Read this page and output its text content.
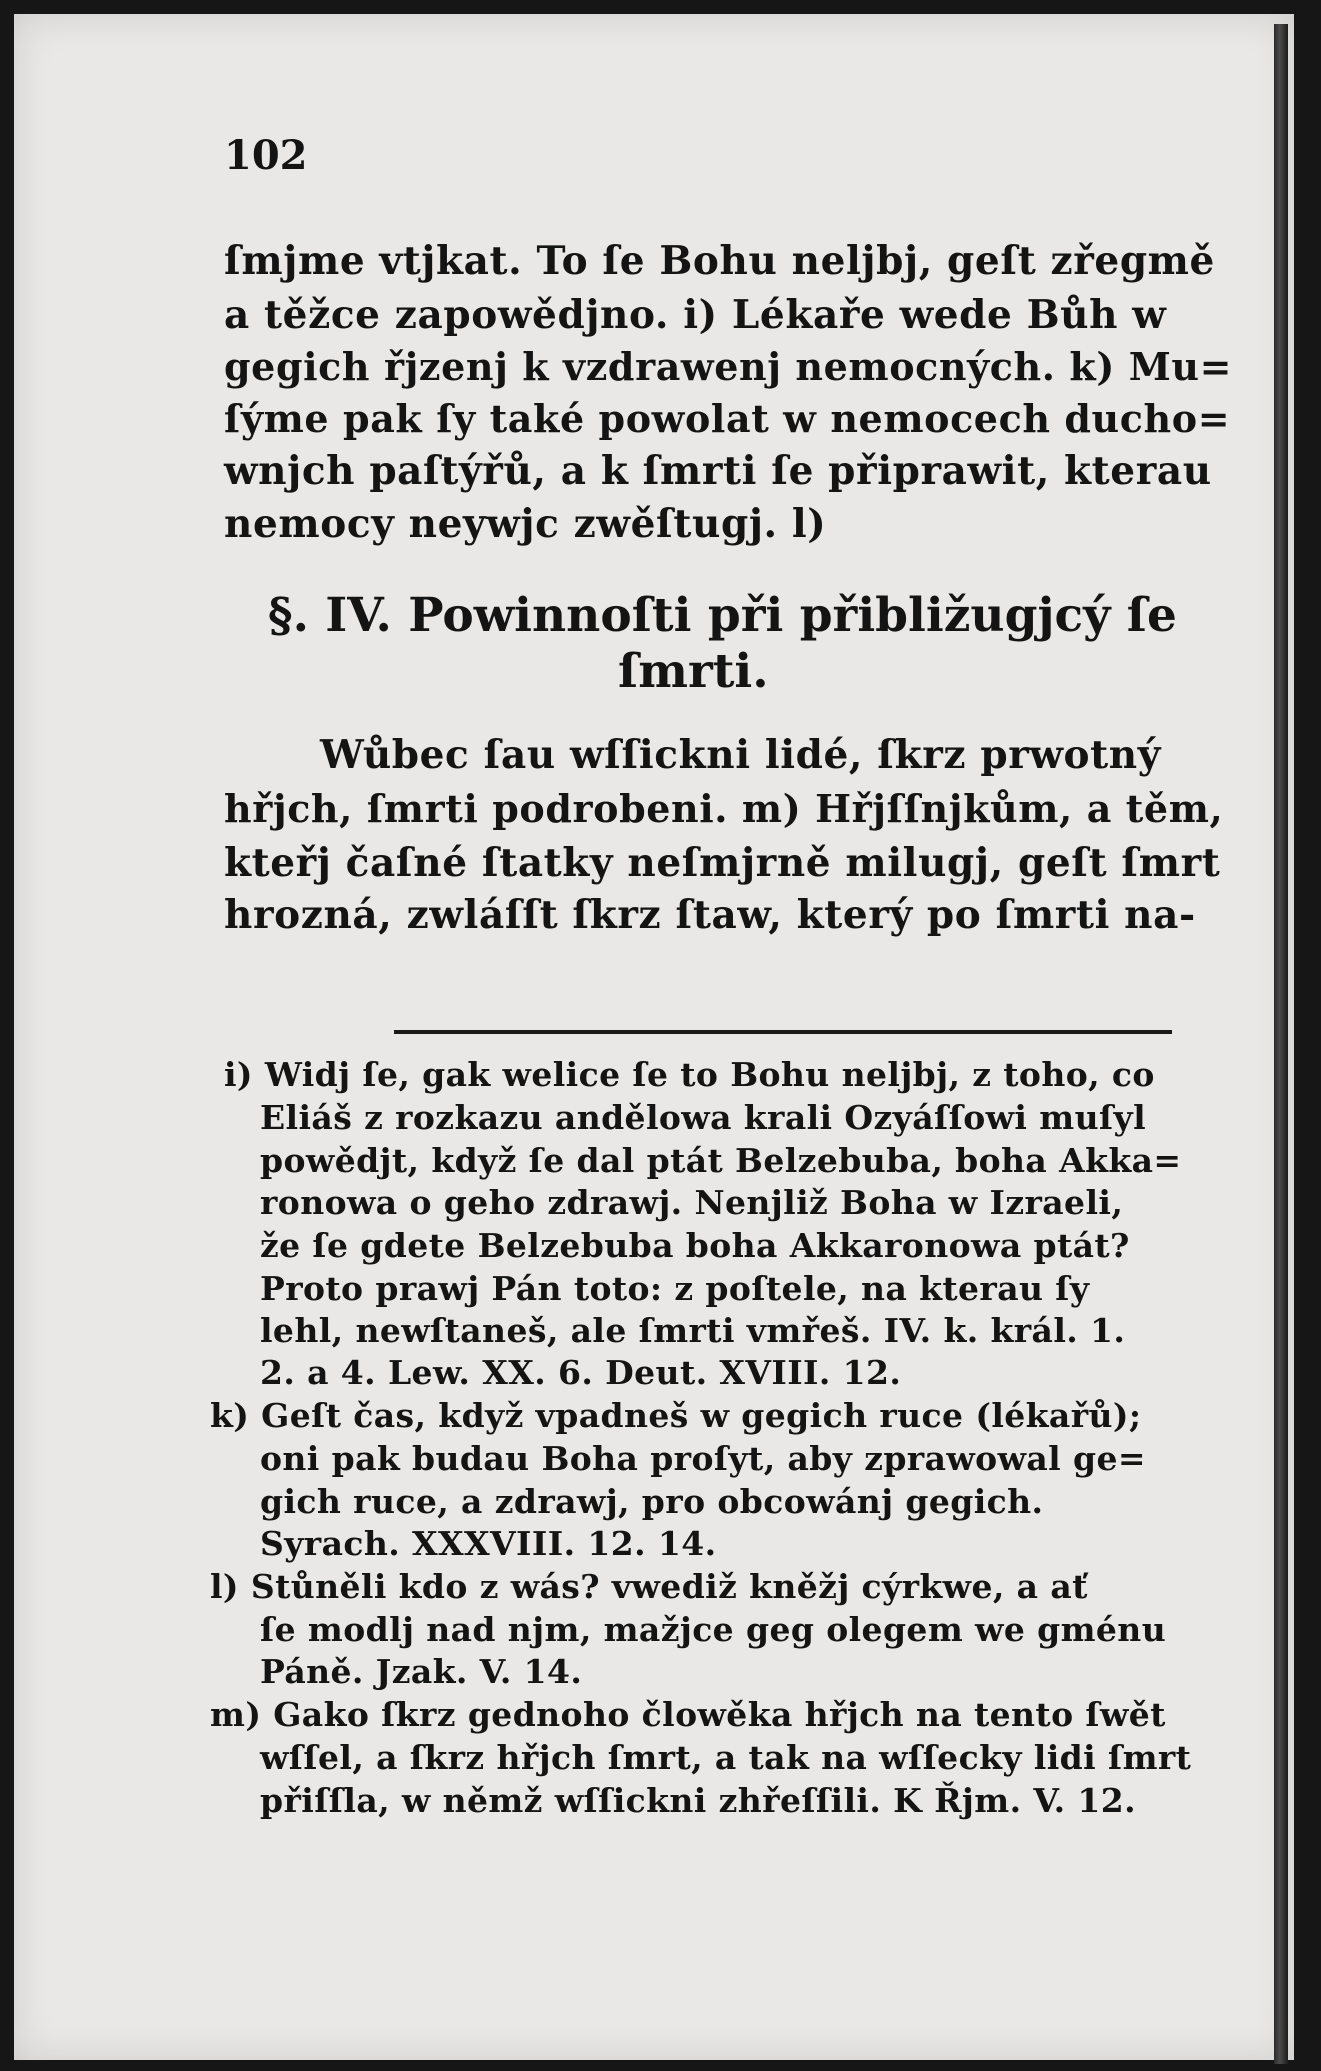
102
ſmjme vtjkat. To ſe Bohu neljbj, geſt zřegmě
a těžce zapowědjno. i) Lékaře wede Bůh w
gegich řjzenj k vzdrawenj nemocných. k) Mu=
ſýme pak ſy také powolat w nemocech ducho=
wnjch paſtýřů, a k ſmrti ſe připrawit, kterau
nemocy neywjc zwěſtugj. l)
§. IV. Powinnoſti při přibližugjcý ſe
ſmrti.
Wůbec ſau wſſickni lidé, ſkrz prwotný
hřjch, ſmrti podrobeni. m) Hřjſſnjkům, a těm,
kteřj čaſné ſtatky neſmjrně milugj, geſt ſmrt
hrozná, zwláſſt ſkrz ſtaw, který po ſmrti na-
i) Widj ſe, gak welice ſe to Bohu neljbj, z toho, co
Eliáš z rozkazu andělowa krali Ozyáſſowi muſyl
powědjt, když ſe dal ptát Belzebuba, boha Akka=
ronowa o geho zdrawj. Nenjliž Boha w Izraeli,
že ſe gdete Belzebuba boha Akkaronowa ptát?
Proto prawj Pán toto: z poſtele, na kterau ſy
lehl, newſtaneš, ale ſmrti vmřeš. IV. k. král. 1.
2. a 4. Lew. XX. 6. Deut. XVIII. 12.
k) Geſt čas, když vpadneš w gegich ruce (lékařů);
oni pak budau Boha proſyt, aby zprawowal ge=
gich ruce, a zdrawj, pro obcowánj gegich.
Syrach. XXXVIII. 12. 14.
l) Stůněli kdo z wás? vwediž kněžj cýrkwe, a ať
ſe modlj nad njm, mažjce geg olegem we gménu
Páně. Jzak. V. 14.
m) Gako ſkrz gednoho člowěka hřjch na tento ſwět
wſſel, a ſkrz hřjch ſmrt, a tak na wſſecky lidi ſmrt
přiſſla, w němž wſſickni zhřeſſili. K Řjm. V. 12.
